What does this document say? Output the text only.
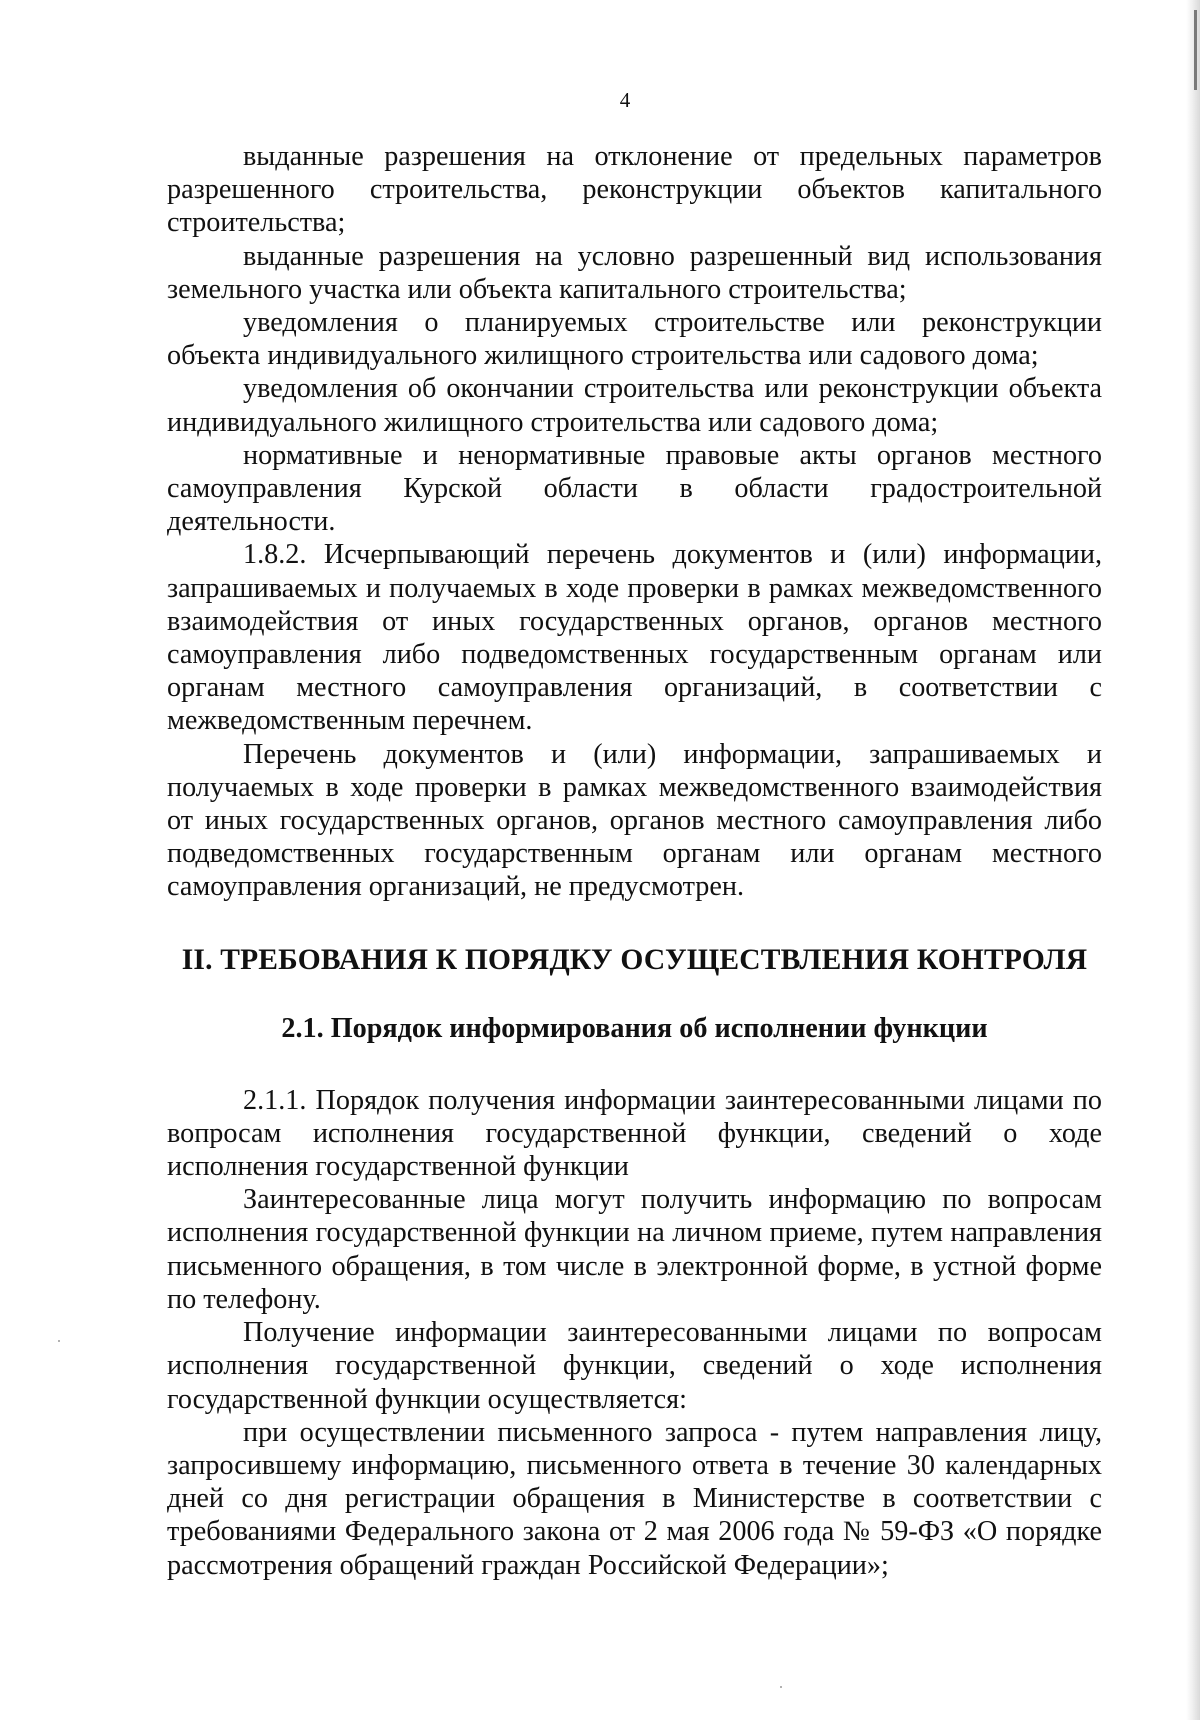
4

выданные разрешения на отклонение от предельных параметров разрешенного строительства, реконструкции объектов капитального строительства;

выданные разрешения на условно разрешенный вид использования земельного участка или объекта капитального строительства;

уведомления о планируемых строительстве или реконструкции объекта индивидуального жилищного строительства или садового дома;

уведомления об окончании строительства или реконструкции объекта индивидуального жилищного строительства или садового дома;

нормативные и ненормативные правовые акты органов местного самоуправления Курской области в области градостроительной деятельности.

1.8.2. Исчерпывающий перечень документов и (или) информации, запрашиваемых и получаемых в ходе проверки в рамках межведомственного взаимодействия от иных государственных органов, органов местного самоуправления либо подведомственных государственным органам или органам местного самоуправления организаций, в соответствии с межведомственным перечнем.

Перечень документов и (или) информации, запрашиваемых и получаемых в ходе проверки в рамках межведомственного взаимодействия от иных государственных органов, органов местного самоуправления либо подведомственных государственным органам или органам местного самоуправления организаций, не предусмотрен.

II. ТРЕБОВАНИЯ К ПОРЯДКУ ОСУЩЕСТВЛЕНИЯ КОНТРОЛЯ
2.1. Порядок информирования об исполнении функции

2.1.1. Порядок получения информации заинтересованными лицами по вопросам исполнения государственной функции, сведений о ходе исполнения государственной функции

Заинтересованные лица могут получить информацию по вопросам исполнения государственной функции на личном приеме, путем направления письменного обращения, в том числе в электронной форме, в устной форме по телефону.

Получение информации заинтересованными лицами по вопросам исполнения государственной функции, сведений о ходе исполнения государственной функции осуществляется:

при осуществлении письменного запроса - путем направления лицу, запросившему информацию, письменного ответа в течение 30 календарных дней со дня регистрации обращения в Министерстве в соответствии с требованиями Федерального закона от 2 мая 2006 года № 59-ФЗ «О порядке рассмотрения обращений граждан Российской Федерации»;
